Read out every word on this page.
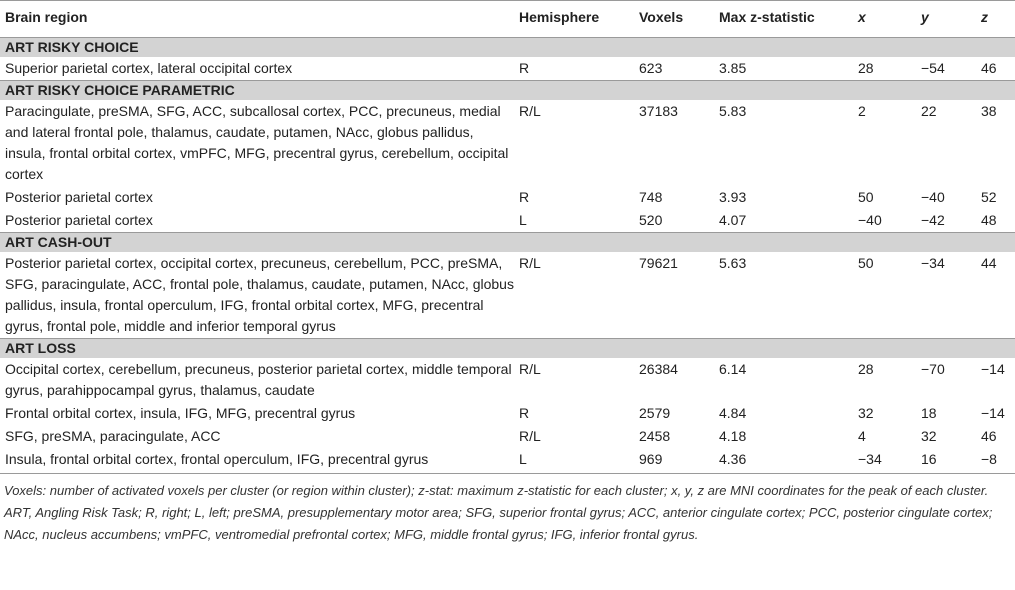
Brain region	Hemisphere	Voxels	Max z-statistic	x	y	z
ART RISKY CHOICE						
Superior parietal cortex, lateral occipital cortex	R	623	3.85	28	−54	46
ART RISKY CHOICE PARAMETRIC						
Paracingulate, preSMA, SFG, ACC, subcallosal cortex, PCC, precuneus, medial and lateral frontal pole, thalamus, caudate, putamen, NAcc, globus pallidus, insula, frontal orbital cortex, vmPFC, MFG, precentral gyrus, cerebellum, occipital cortex	R/L	37183	5.83	2	22	38
Posterior parietal cortex	R	748	3.93	50	−40	52
Posterior parietal cortex	L	520	4.07	−40	−42	48
ART CASH-OUT						
Posterior parietal cortex, occipital cortex, precuneus, cerebellum, PCC, preSMA, SFG, paracingulate, ACC, frontal pole, thalamus, caudate, putamen, NAcc, globus pallidus, insula, frontal operculum, IFG, frontal orbital cortex, MFG, precentral gyrus, frontal pole, middle and inferior temporal gyrus	R/L	79621	5.63	50	−34	44
ART LOSS						
Occipital cortex, cerebellum, precuneus, posterior parietal cortex, middle temporal gyrus, parahippocampal gyrus, thalamus, caudate	R/L	26384	6.14	28	−70	−14
Frontal orbital cortex, insula, IFG, MFG, precentral gyrus	R	2579	4.84	32	18	−14
SFG, preSMA, paracingulate, ACC	R/L	2458	4.18	4	32	46
Insula, frontal orbital cortex, frontal operculum, IFG, precentral gyrus	L	969	4.36	−34	16	−8
Voxels: number of activated voxels per cluster (or region within cluster); z-stat: maximum z-statistic for each cluster; x, y, z are MNI coordinates for the peak of each cluster. ART, Angling Risk Task; R, right; L, left; preSMA, presupplementary motor area; SFG, superior frontal gyrus; ACC, anterior cingulate cortex; PCC, posterior cingulate cortex; NAcc, nucleus accumbens; vmPFC, ventromedial prefrontal cortex; MFG, middle frontal gyrus; IFG, inferior frontal gyrus.
